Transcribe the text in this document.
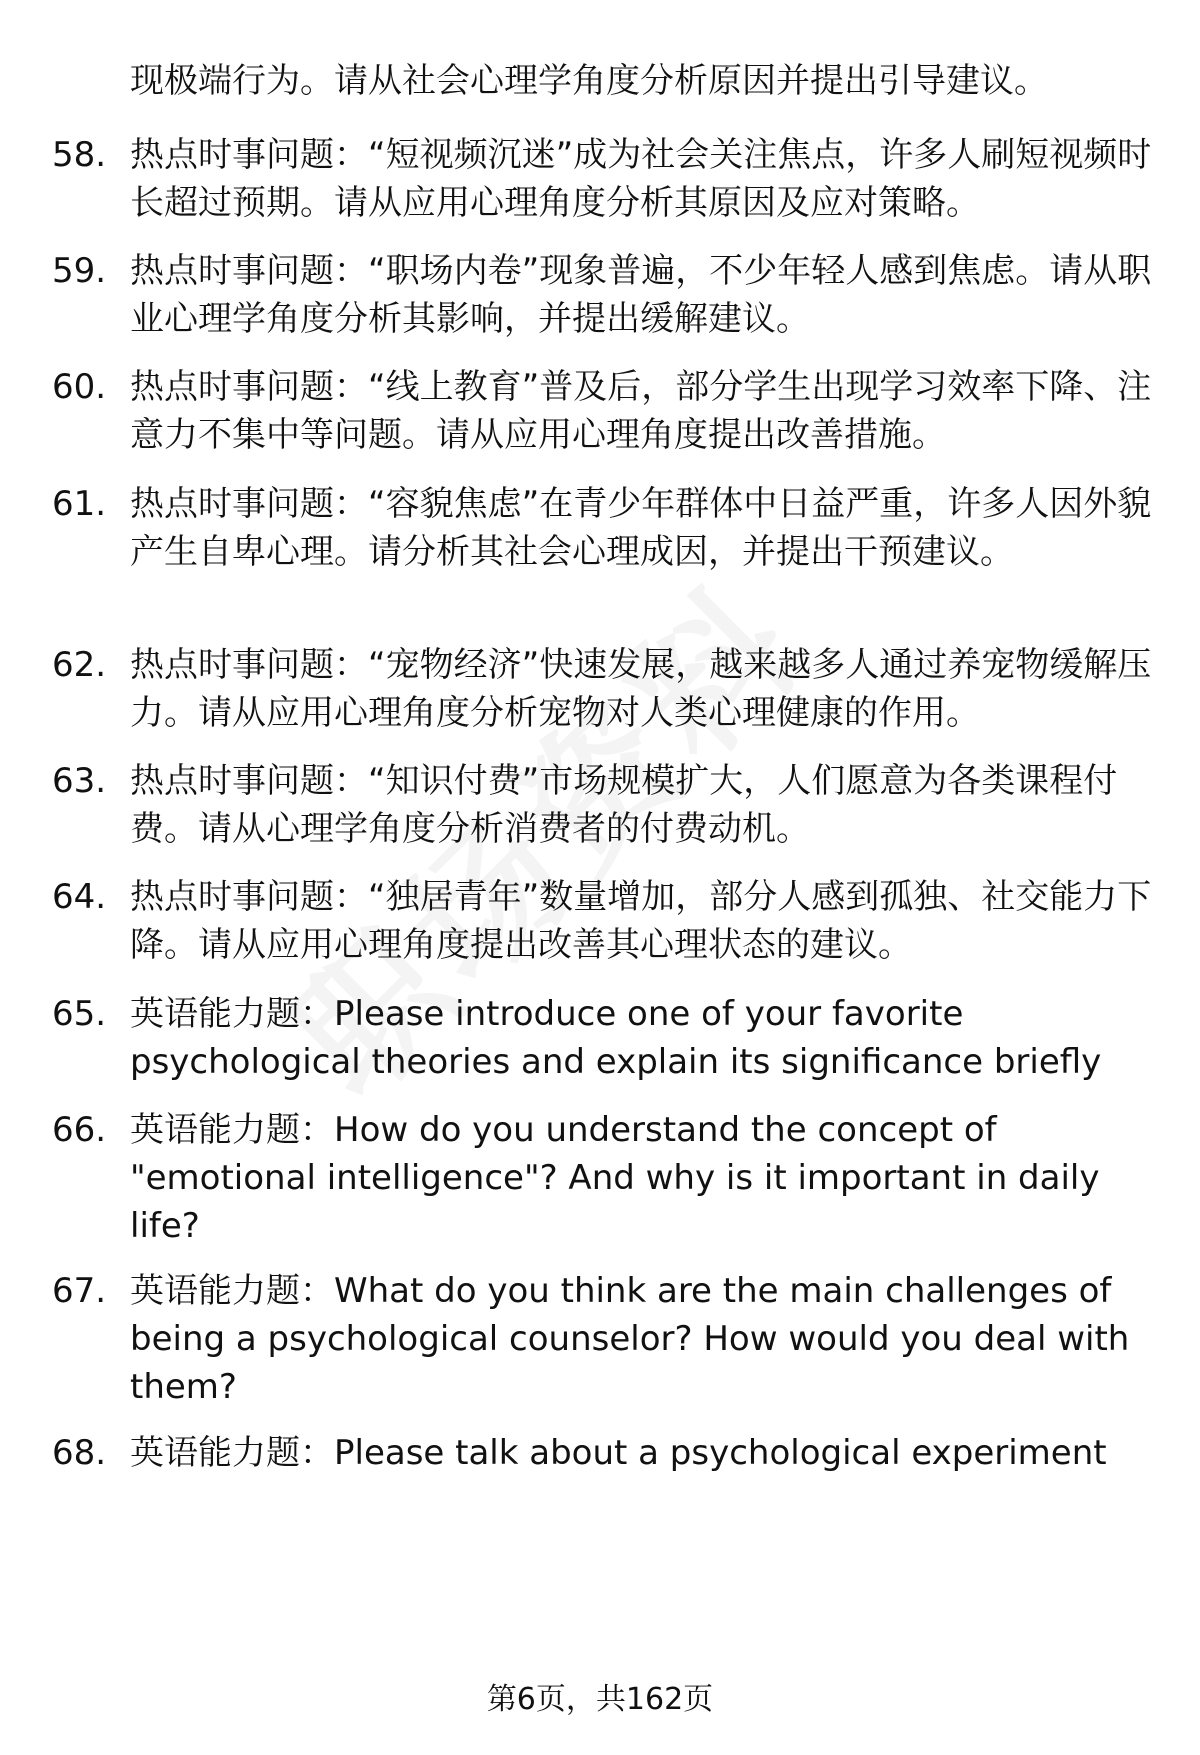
现极端行为。请从社会心理学角度分析原因并提出引导建议。

58. 热点时事问题：“短视频沉迷”成为社会关注焦点，许多人刷短视频时长超过预期。请从应用心理角度分析其原因及应对策略。
59. 热点时事问题：“职场内卷”现象普遍，不少年轻人感到焦虑。请从职业心理学角度分析其影响，并提出缓解建议。
60. 热点时事问题：“线上教育”普及后，部分学生出现学习效率下降、注意力不集中等问题。请从应用心理角度提出改善措施。
61. 热点时事问题：“容貌焦虑”在青少年群体中日益严重，许多人因外貌产生自卑心理。请分析其社会心理成因，并提出干预建议。
62. 热点时事问题：“宠物经济”快速发展，越来越多人通过养宠物缓解压力。请从应用心理角度分析宠物对人类心理健康的作用。
63. 热点时事问题：“知识付费”市场规模扩大，人们愿意为各类课程付费。请从心理学角度分析消费者的付费动机。
64. 热点时事问题：“独居青年”数量增加，部分人感到孤独、社交能力下降。请从应用心理角度提出改善其心理状态的建议。
65. 英语能力题：Please introduce one of your favorite psychological theories and explain its significance briefly
66. 英语能力题：How do you understand the concept of "emotional intelligence"? And why is it important in daily life?
67. 英语能力题：What do you think are the main challenges of being a psychological counselor? How would you deal with them?
68. 英语能力题：Please talk about a psychological experiment
第6页，共162页
